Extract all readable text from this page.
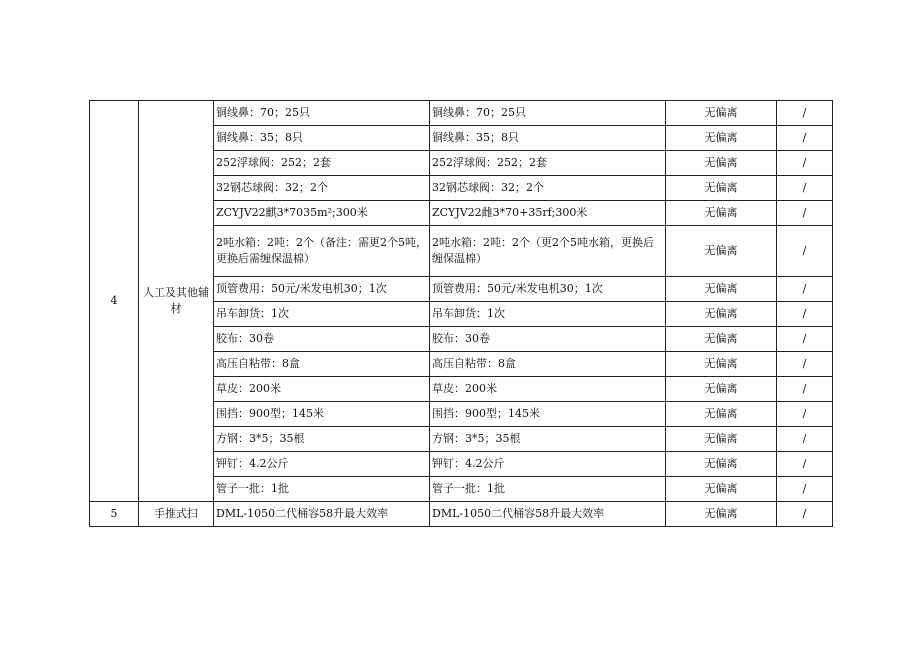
4	人工及其他辅材	铜线鼻：70；25只	铜线鼻：70；25只	无偏离	/
		铜线鼻：35；8只	铜线鼻：35；8只	无偏离	/
		252浮球阀：252；2套	252浮球阀：252；2套	无偏离	/
		32钢芯球阀：32；2个	32钢芯球阀：32；2个	无偏离	/
		ZCYJV22麒3*7035m²;300米	ZCYJV22雌3*70+35rf;300米	无偏离	/
		2吨水箱：2吨：2个（备注：需更2个5吨，更换后需缠保温棉）	2吨水箱：2吨：2个（更2个5吨水箱，更换后缠保温棉）	无偏离	/
		顶管费用：50元/米发电机30；1次	顶管费用：50元/米发电机30；1次	无偏离	/
		吊车卸货：1次	吊车卸货：1次	无偏离	/
		胶布：30卷	胶布：30卷	无偏离	/
		高压自粘带：8盒	高压自粘带：8盒	无偏离	/
		草皮：200米	草皮：200米	无偏离	/
		围挡：900型；145米	围挡：900型；145米	无偏离	/
		方钢：3*5；35根	方钢：3*5；35根	无偏离	/
		钾钉：4.2公斤	钾钉：4.2公斤	无偏离	/
		管子一批：1批	管子一批：1批	无偏离	/
5	手推式扫	DML-1050二代桶容58升最大效率	DML-1050二代桶容58升最大效率	无偏离	/
